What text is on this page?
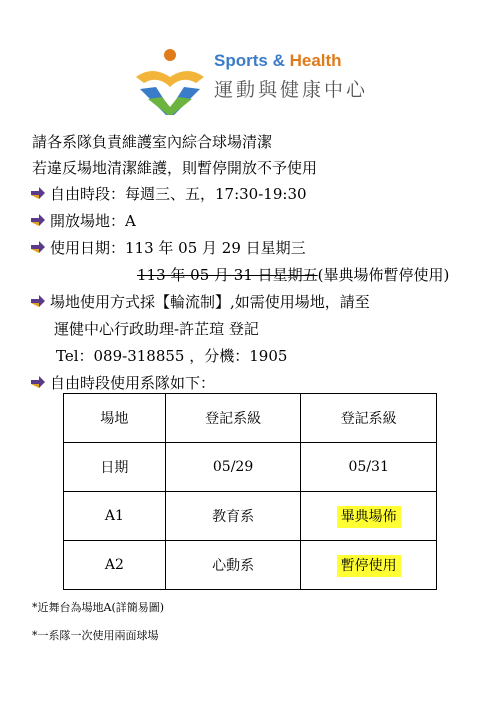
Sports & Health
運動與健康中心
請各系隊負責維護室內綜合球場清潔
若違反場地清潔維護，則暫停開放不予使用
自由時段：每週三、五，17:30-19:30
開放場地：A
使用日期：113 年 05 月 29 日星期三
113 年 05 月 31 日星期五(畢典場佈暫停使用)
場地使用方式採【輪流制】,如需使用場地，請至
運健中心行政助理-許芷瑄 登記
Tel：089-318855 ，分機：1905
自由時段使用系隊如下：
場地	登記系級	登記系級
日期	05/29	05/31
A1	教育系	畢典場佈
A2	心動系	暫停使用
*近舞台為場地A(詳簡易圖)
*一系隊一次使用兩面球場
